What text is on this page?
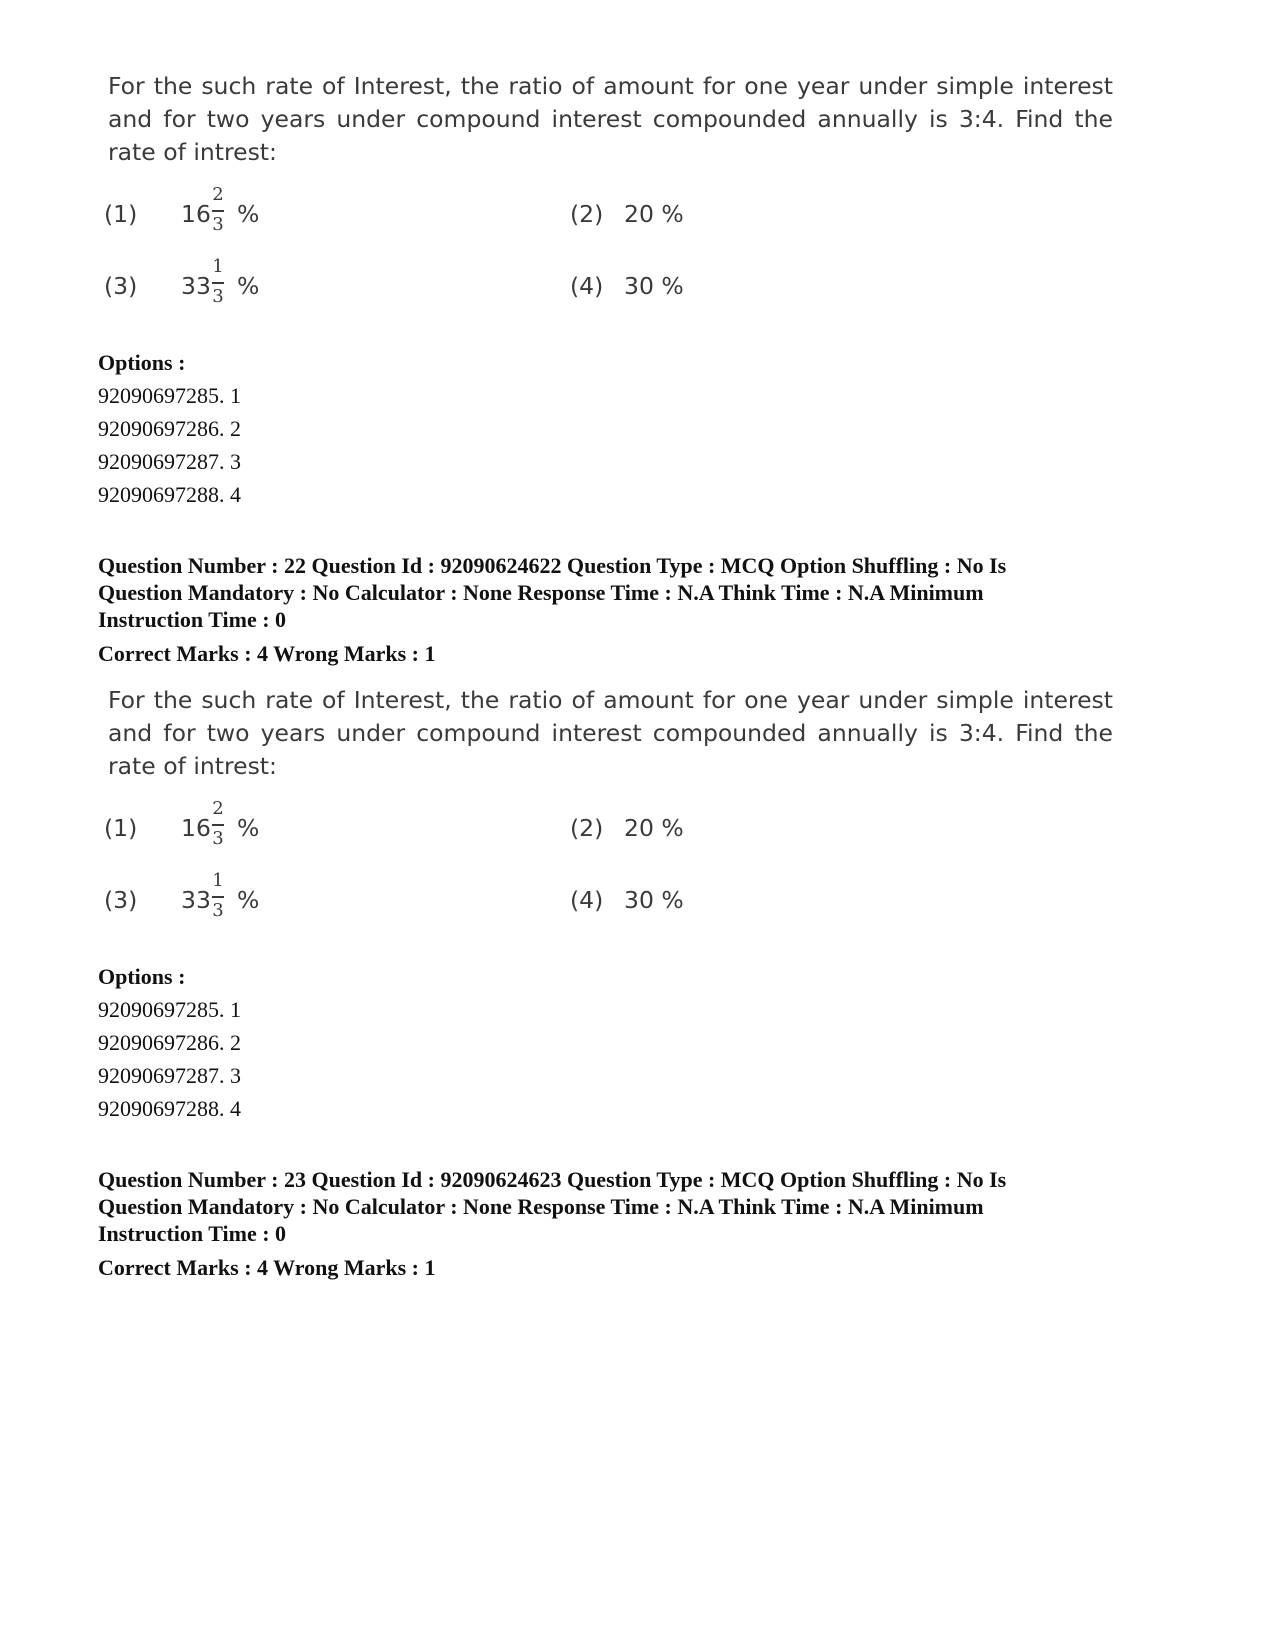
For the such rate of Interest, the ratio of amount for one year under simple interest and for two years under compound interest compounded annually is 3:4. Find the rate of intrest:
(1) 16
2
3 %	(2) 20 %
(3) 33
1
3 %	(4) 30 %
Options :
92090697285. 1
92090697286. 2
92090697287. 3
92090697288. 4
Question Number : 22 Question Id : 92090624622 Question Type : MCQ Option Shuffling : No Is
Question Mandatory : No Calculator : None Response Time : N.A Think Time : N.A Minimum
Instruction Time : 0
Correct Marks : 4 Wrong Marks : 1
For the such rate of Interest, the ratio of amount for one year under simple interest and for two years under compound interest compounded annually is 3:4. Find the rate of intrest:
(1) 16
2
3 %	(2) 20 %
(3) 33
1
3 %	(4) 30 %
Options :
92090697285. 1
92090697286. 2
92090697287. 3
92090697288. 4
Question Number : 23 Question Id : 92090624623 Question Type : MCQ Option Shuffling : No Is
Question Mandatory : No Calculator : None Response Time : N.A Think Time : N.A Minimum
Instruction Time : 0
Correct Marks : 4 Wrong Marks : 1
